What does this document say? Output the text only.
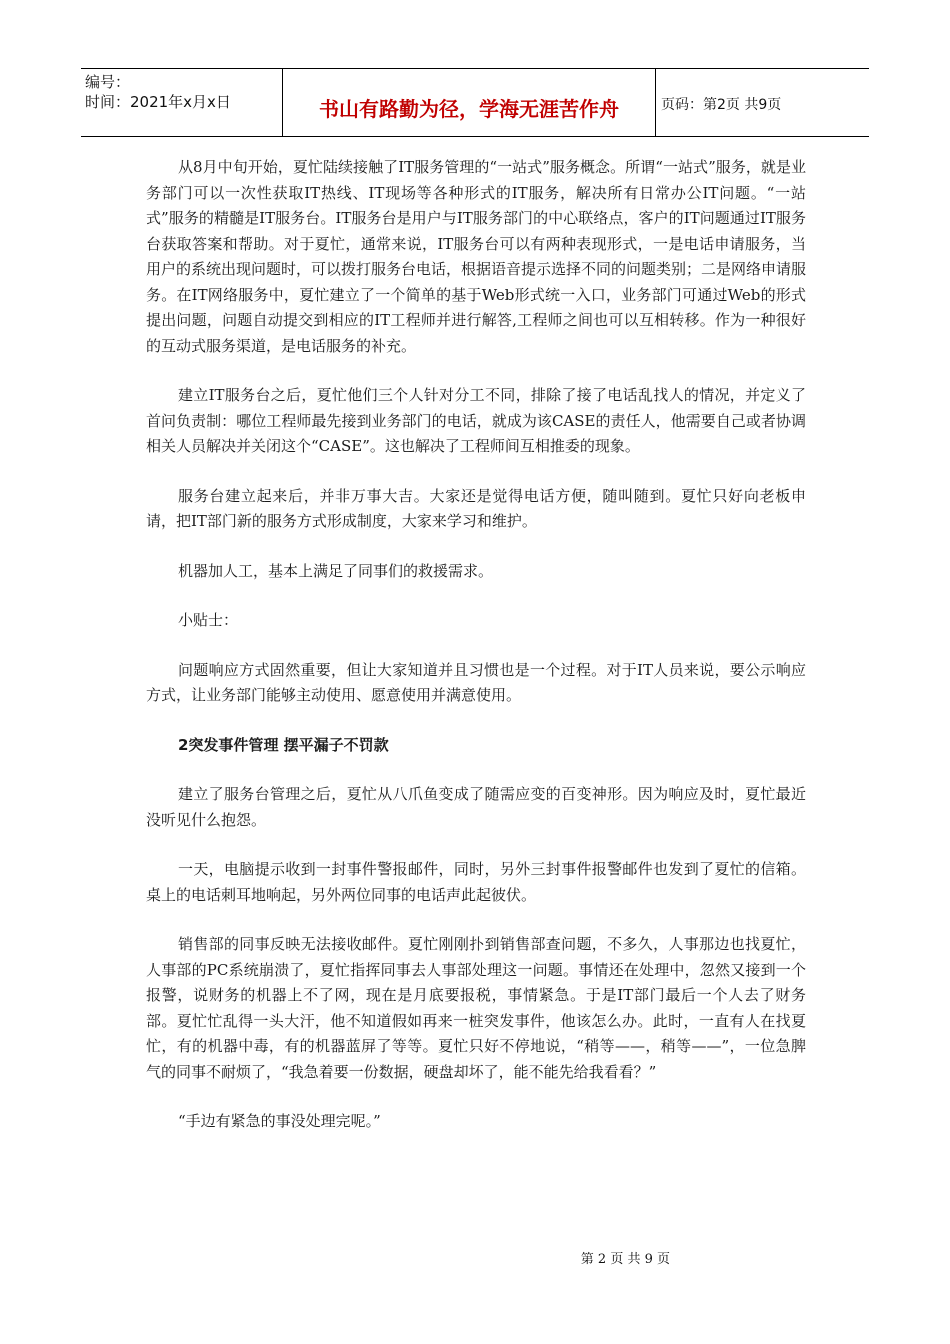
编号：
时间：2021年x月x日	书山有路勤为径，学海无涯苦作舟	页码：第2页 共9页

从8月中旬开始，夏忙陆续接触了IT服务管理的“一站式”服务概念。所谓“一站式”服务，就是业务部门可以一次性获取IT热线、IT现场等各种形式的IT服务，解决所有日常办公IT问题。“一站式”服务的精髓是IT服务台。IT服务台是用户与IT服务部门的中心联络点，客户的IT问题通过IT服务台获取答案和帮助。对于夏忙，通常来说，IT服务台可以有两种表现形式，一是电话申请服务，当用户的系统出现问题时，可以拨打服务台电话，根据语音提示选择不同的问题类别；二是网络申请服务。在IT网络服务中，夏忙建立了一个简单的基于Web形式统一入口，业务部门可通过Web的形式提出问题，问题自动提交到相应的IT工程师并进行解答,工程师之间也可以互相转移。作为一种很好的互动式服务渠道，是电话服务的补充。

建立IT服务台之后，夏忙他们三个人针对分工不同，排除了接了电话乱找人的情况，并定义了首问负责制：哪位工程师最先接到业务部门的电话，就成为该CASE的责任人，他需要自己或者协调相关人员解决并关闭这个“CASE”。这也解决了工程师间互相推委的现象。

服务台建立起来后，并非万事大吉。大家还是觉得电话方便，随叫随到。夏忙只好向老板申请，把IT部门新的服务方式形成制度，大家来学习和维护。

机器加人工，基本上满足了同事们的救援需求。

小贴士：

问题响应方式固然重要，但让大家知道并且习惯也是一个过程。对于IT人员来说，要公示响应方式，让业务部门能够主动使用、愿意使用并满意使用。

2突发事件管理 摆平漏子不罚款

建立了服务台管理之后，夏忙从八爪鱼变成了随需应变的百变神形。因为响应及时，夏忙最近没听见什么抱怨。

一天，电脑提示收到一封事件警报邮件，同时，另外三封事件报警邮件也发到了夏忙的信箱。桌上的电话刺耳地响起，另外两位同事的电话声此起彼伏。

销售部的同事反映无法接收邮件。夏忙刚刚扑到销售部查问题，不多久，人事那边也找夏忙，人事部的PC系统崩溃了，夏忙指挥同事去人事部处理这一问题。事情还在处理中，忽然又接到一个报警，说财务的机器上不了网，现在是月底要报税，事情紧急。于是IT部门最后一个人去了财务部。夏忙忙乱得一头大汗，他不知道假如再来一桩突发事件，他该怎么办。此时，一直有人在找夏忙，有的机器中毒，有的机器蓝屏了等等。夏忙只好不停地说，“稍等——，稍等——”，一位急脾气的同事不耐烦了，“我急着要一份数据，硬盘却坏了，能不能先给我看看？”

“手边有紧急的事没处理完呢。”

第 2 页 共 9 页
